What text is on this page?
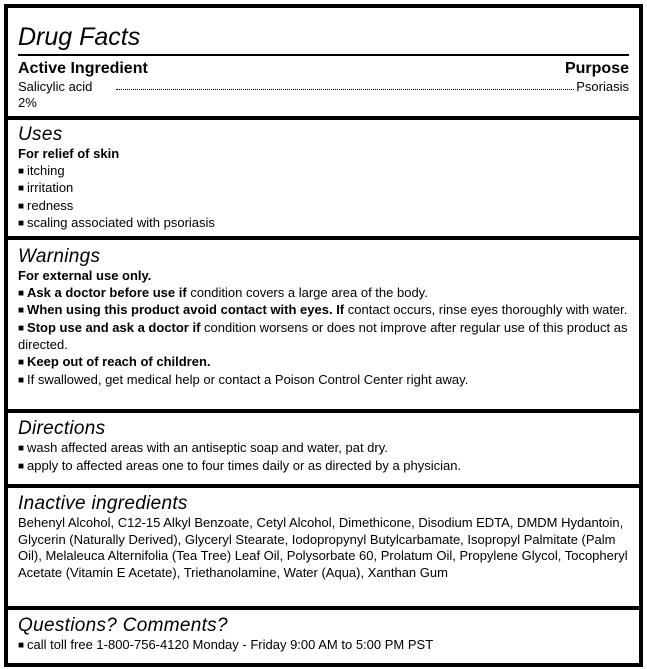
Drug Facts
Active Ingredient	Purpose
Salicylic acid	Psoriasis
2%
Uses
For relief of skin
■ itching
■ irritation
■ redness
■ scaling associated with psoriasis
Warnings
For external use only.
■ Ask a doctor before use if condition covers a large area of the body.
■ When using this product avoid contact with eyes. If contact occurs, rinse eyes thoroughly with water.
■ Stop use and ask a doctor if condition worsens or does not improve after regular use of this product as directed.
■ Keep out of reach of children.
■ If swallowed, get medical help or contact a Poison Control Center right away.
Directions
■ wash affected areas with an antiseptic soap and water, pat dry.
■ apply to affected areas one to four times daily or as directed by a physician.
Inactive ingredients
Behenyl Alcohol, C12-15 Alkyl Benzoate, Cetyl Alcohol, Dimethicone, Disodium EDTA, DMDM Hydantoin, Glycerin (Naturally Derived), Glyceryl Stearate, Iodopropynyl Butylcarbamate, Isopropyl Palmitate (Palm Oil), Melaleuca Alternifolia (Tea Tree) Leaf Oil, Polysorbate 60, Prolatum Oil, Propylene Glycol, Tocopheryl Acetate (Vitamin E Acetate), Triethanolamine, Water (Aqua), Xanthan Gum
Questions? Comments?
■ call toll free 1-800-756-4120 Monday - Friday 9:00 AM to 5:00 PM PST
